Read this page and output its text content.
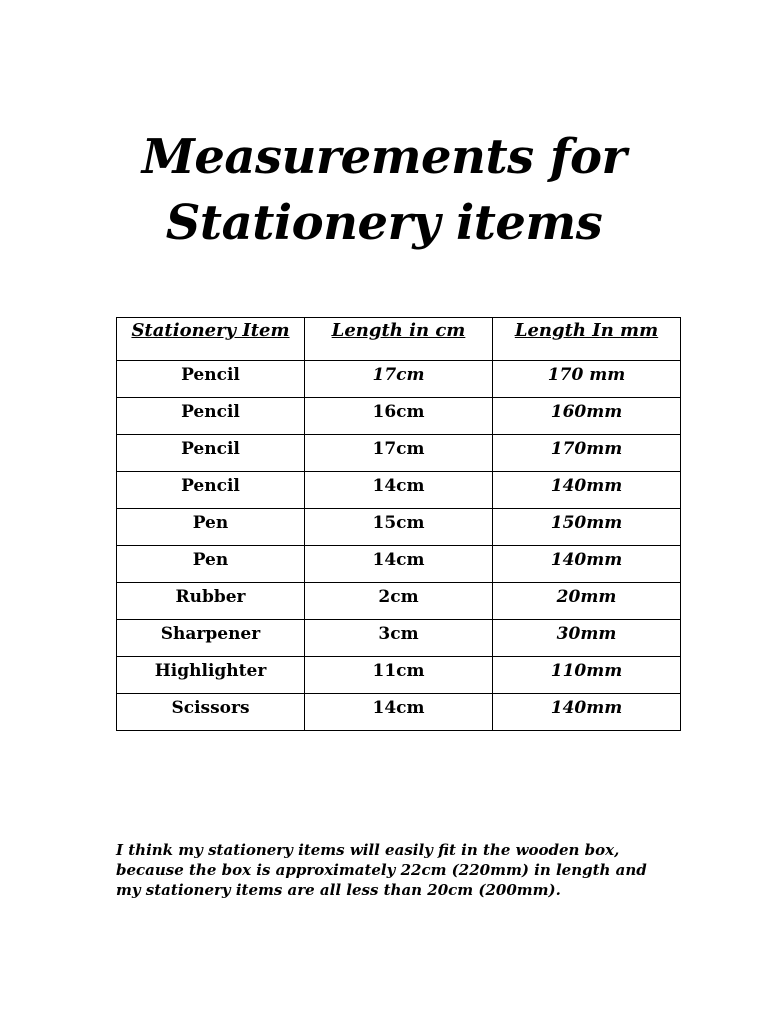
Measurements for
Stationery items
Stationery Item	Length in cm	Length In mm
Pencil	17cm	170 mm
Pencil	16cm	160mm
Pencil	17cm	170mm
Pencil	14cm	140mm
Pen	15cm	150mm
Pen	14cm	140mm
Rubber	2cm	20mm
Sharpener	3cm	30mm
Highlighter	11cm	110mm
Scissors	14cm	140mm

I think my stationery items will easily fit in the wooden box,
because the box is approximately 22cm (220mm) in length and
my stationery items are all less than 20cm (200mm).
